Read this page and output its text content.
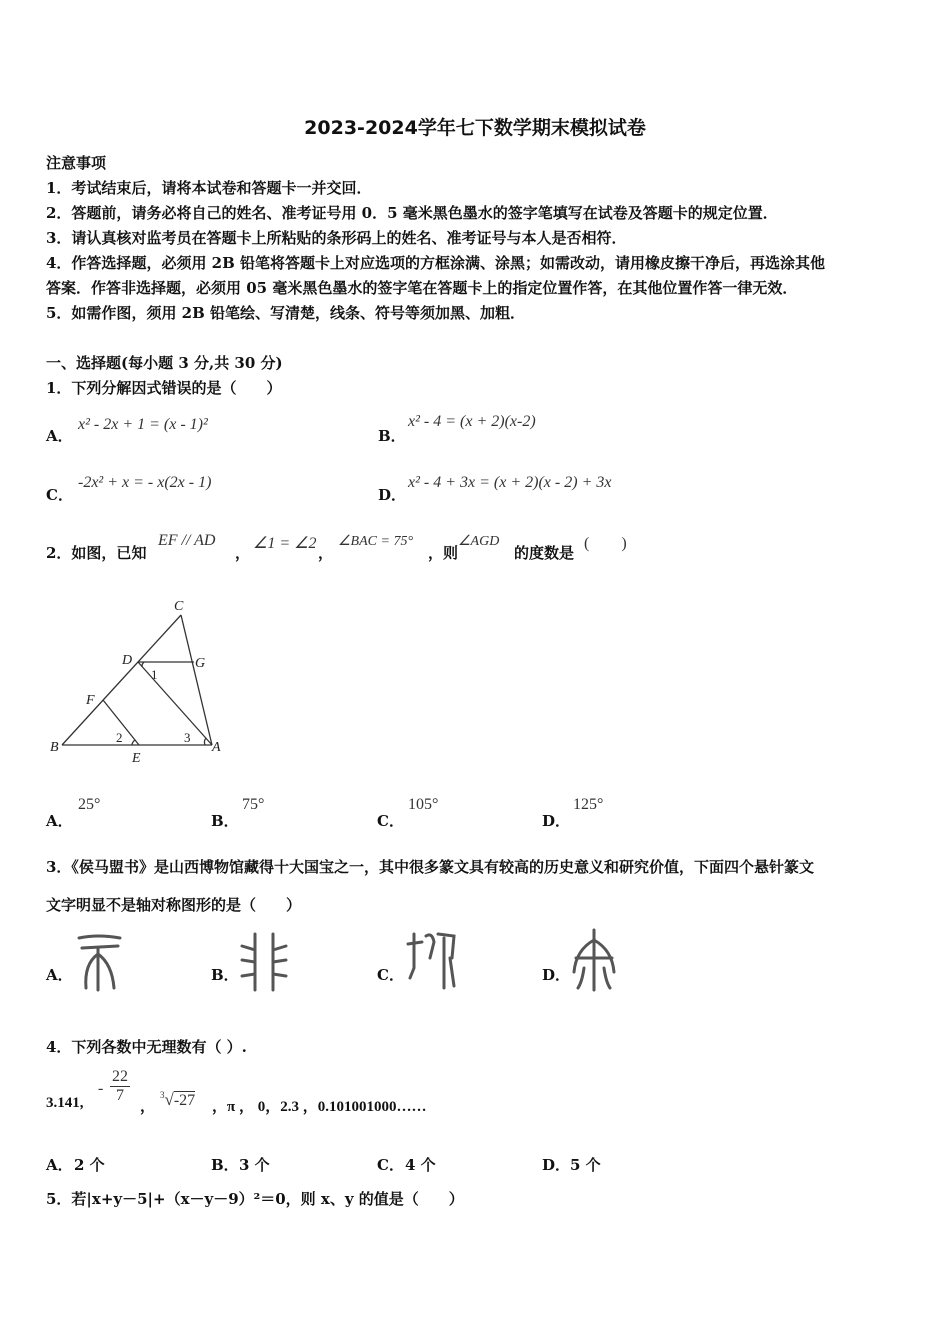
2023-2024学年七下数学期末模拟试卷
注意事项
1．考试结束后，请将本试卷和答题卡一并交回．
2．答题前，请务必将自己的姓名、准考证号用 0．5 毫米黑色墨水的签字笔填写在试卷及答题卡的规定位置．
3．请认真核对监考员在答题卡上所粘贴的条形码上的姓名、准考证号与本人是否相符．
4．作答选择题，必须用 2B 铅笔将答题卡上对应选项的方框涂满、涂黑；如需改动，请用橡皮擦干净后，再选涂其他
答案．作答非选择题，必须用 05 毫米黑色墨水的签字笔在答题卡上的指定位置作答，在其他位置作答一律无效．
5．如需作图，须用 2B 铅笔绘、写清楚，线条、符号等须加黑、加粗．
一、选择题(每小题 3 分,共 30 分)
1．下列分解因式错误的是（　　）
A．
x² - 2x + 1 = (x - 1)²
B．
x² - 4 = (x + 2)(x-2)
C．
-2x² + x = - x(2x - 1)
D．
x² - 4 + 3x = (x + 2)(x - 2) + 3x
2．如图，已知
EF // AD
，
∠1 = ∠2
，
∠BAC = 75°
，则
∠AGD
的度数是
(　　)
C
D	G
1
F
2	3
B
E
A
A．
25°
B．
75°
C．
105°
D．
125°
3．《侯马盟书》是山西博物馆藏得十大国宝之一，其中很多篆文具有较高的历史意义和研究价值，下面四个悬针篆文
文字明显不是轴对称图形的是（　　）
A．	B．	C．	D．
4．下列各数中无理数有（ ）.
3.141,
- $\frac{22}{7}$
，
$^3$√-27 ，π ， 0，2.3 ，0.101001000……
A． 2 个	B． 3 个	C． 4 个	D． 5 个
5．若|x+y－5|+（x－y－9）²＝0，则 x、y 的值是（　　）
